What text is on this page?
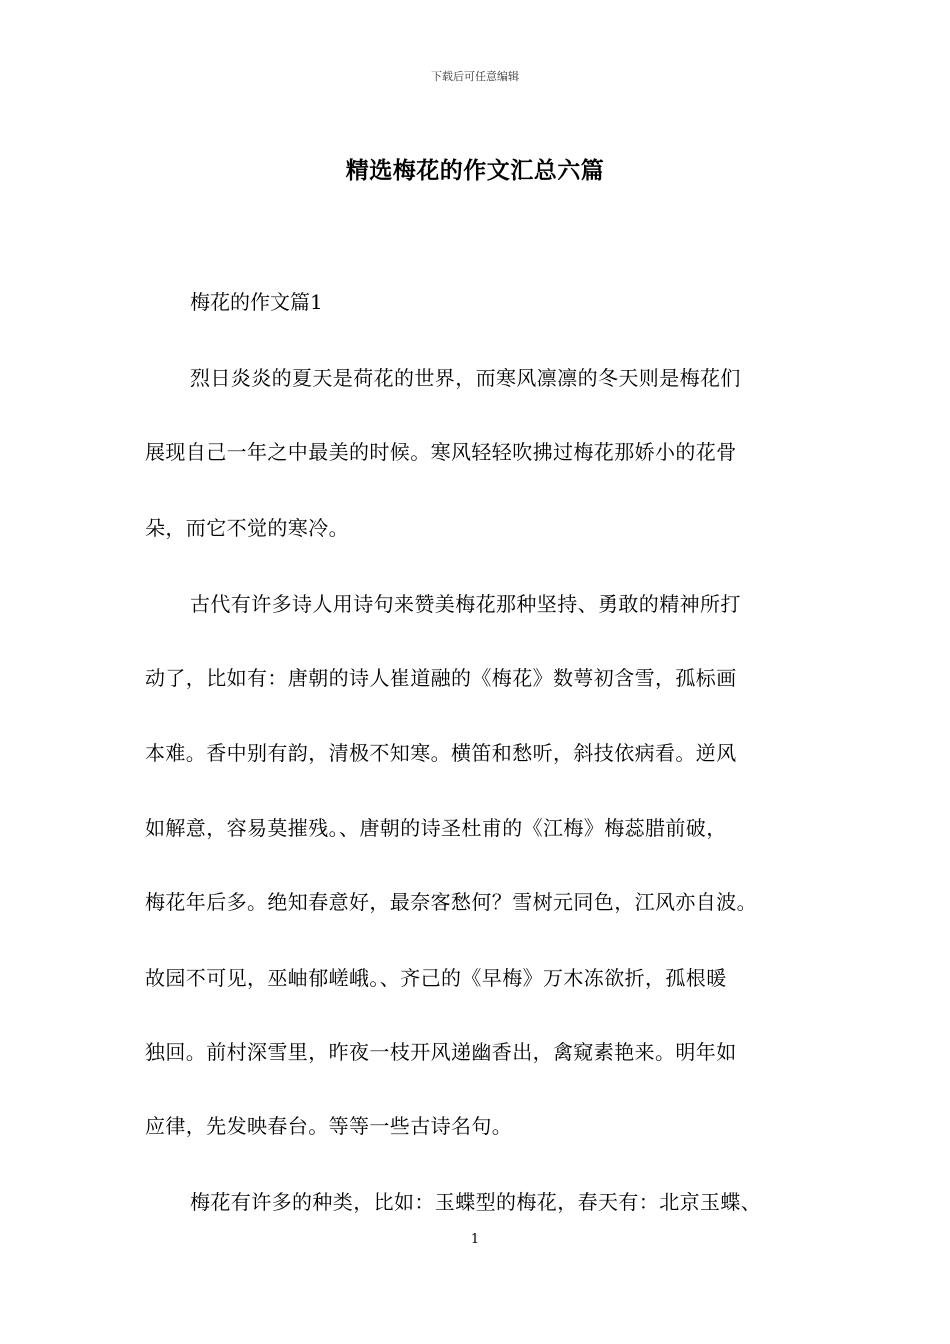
下载后可任意编辑
精选梅花的作文汇总六篇
梅花的作文篇1
烈日炎炎的夏天是荷花的世界，而寒风凛凛的冬天则是梅花们
展现自己一年之中最美的时候。寒风轻轻吹拂过梅花那娇小的花骨
朵，而它不觉的寒冷。
古代有许多诗人用诗句来赞美梅花那种坚持、勇敢的精神所打
动了，比如有：唐朝的诗人崔道融的《梅花》数萼初含雪，孤标画
本难。香中别有韵，清极不知寒。横笛和愁听，斜技依病看。逆风
如解意，容易莫摧残。、唐朝的诗圣杜甫的《江梅》梅蕊腊前破，
梅花年后多。绝知春意好，最奈客愁何？雪树元同色，江风亦自波。
故园不可见，巫岫郁嵯峨。、齐己的《早梅》万木冻欲折，孤根暖
独回。前村深雪里，昨夜一枝开风递幽香出，禽窥素艳来。明年如
应律，先发映春台。等等一些古诗名句。
梅花有许多的种类，比如：玉蝶型的梅花，春天有：北京玉蝶、
1
